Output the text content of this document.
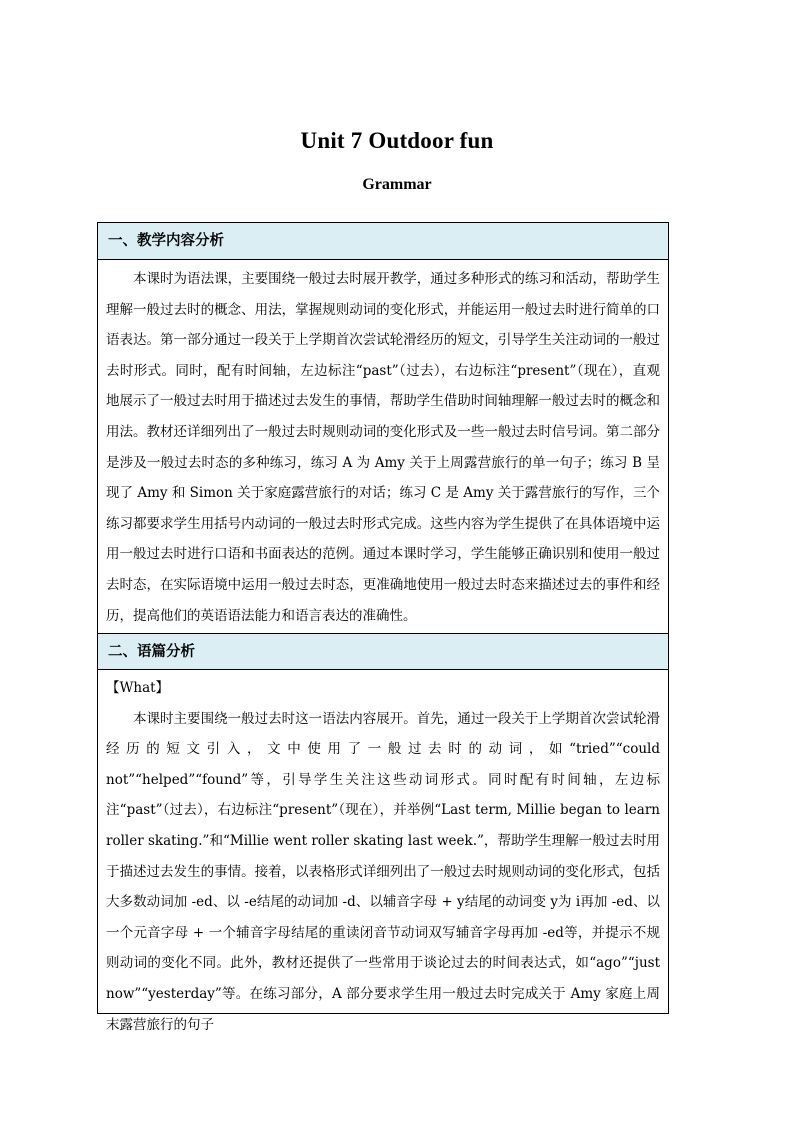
Unit 7 Outdoor fun
Grammar
一、教学内容分析

本课时为语法课，主要围绕一般过去时展开教学，通过多种形式的练习和活动，帮助学生理解一般过去时的概念、用法，掌握规则动词的变化形式，并能运用一般过去时进行简单的口语表达。第一部分通过一段关于上学期首次尝试轮滑经历的短文，引导学生关注动词的一般过去时形式。同时，配有时间轴，左边标注“past”（过去），右边标注“present”（现在），直观地展示了一般过去时用于描述过去发生的事情，帮助学生借助时间轴理解一般过去时的概念和用法。教材还详细列出了一般过去时规则动词的变化形式及一些一般过去时信号词。第二部分是涉及一般过去时态的多种练习，练习 A 为 Amy 关于上周露营旅行的单一句子；练习 B 呈现了 Amy 和 Simon 关于家庭露营旅行的对话；练习 C 是 Amy 关于露营旅行的写作，三个练习都要求学生用括号内动词的一般过去时形式完成。这些内容为学生提供了在具体语境中运用一般过去时进行口语和书面表达的范例。通过本课时学习，学生能够正确识别和使用一般过去时态，在实际语境中运用一般过去时态，更准确地使用一般过去时态来描述过去的事件和经历，提高他们的英语语法能力和语言表达的准确性。

二、语篇分析

【What】

本课时主要围绕一般过去时这一语法内容展开。首先，通过一段关于上学期首次尝试轮滑经历的短文引入，文中使用了一般过去时的动词，如“tried”“could not”“helped”“found”等，引导学生关注这些动词形式。同时配有时间轴，左边标注“past”（过去），右边标注“present”（现在），并举例“Last term, Millie began to learn roller skating.”和“Millie went roller skating last week.”，帮助学生理解一般过去时用于描述过去发生的事情。接着，以表格形式详细列出了一般过去时规则动词的变化形式，包括大多数动词加 -ed、以 -e结尾的动词加 -d、以辅音字母 + y结尾的动词变 y为 i再加 -ed、以一个元音字母 + 一个辅音字母结尾的重读闭音节动词双写辅音字母再加 -ed等，并提示不规则动词的变化不同。此外，教材还提供了一些常用于谈论过去的时间表达式，如“ago”“just now”“yesterday”等。在练习部分，A 部分要求学生用一般过去时完成关于 Amy 家庭上周末露营旅行的句子
